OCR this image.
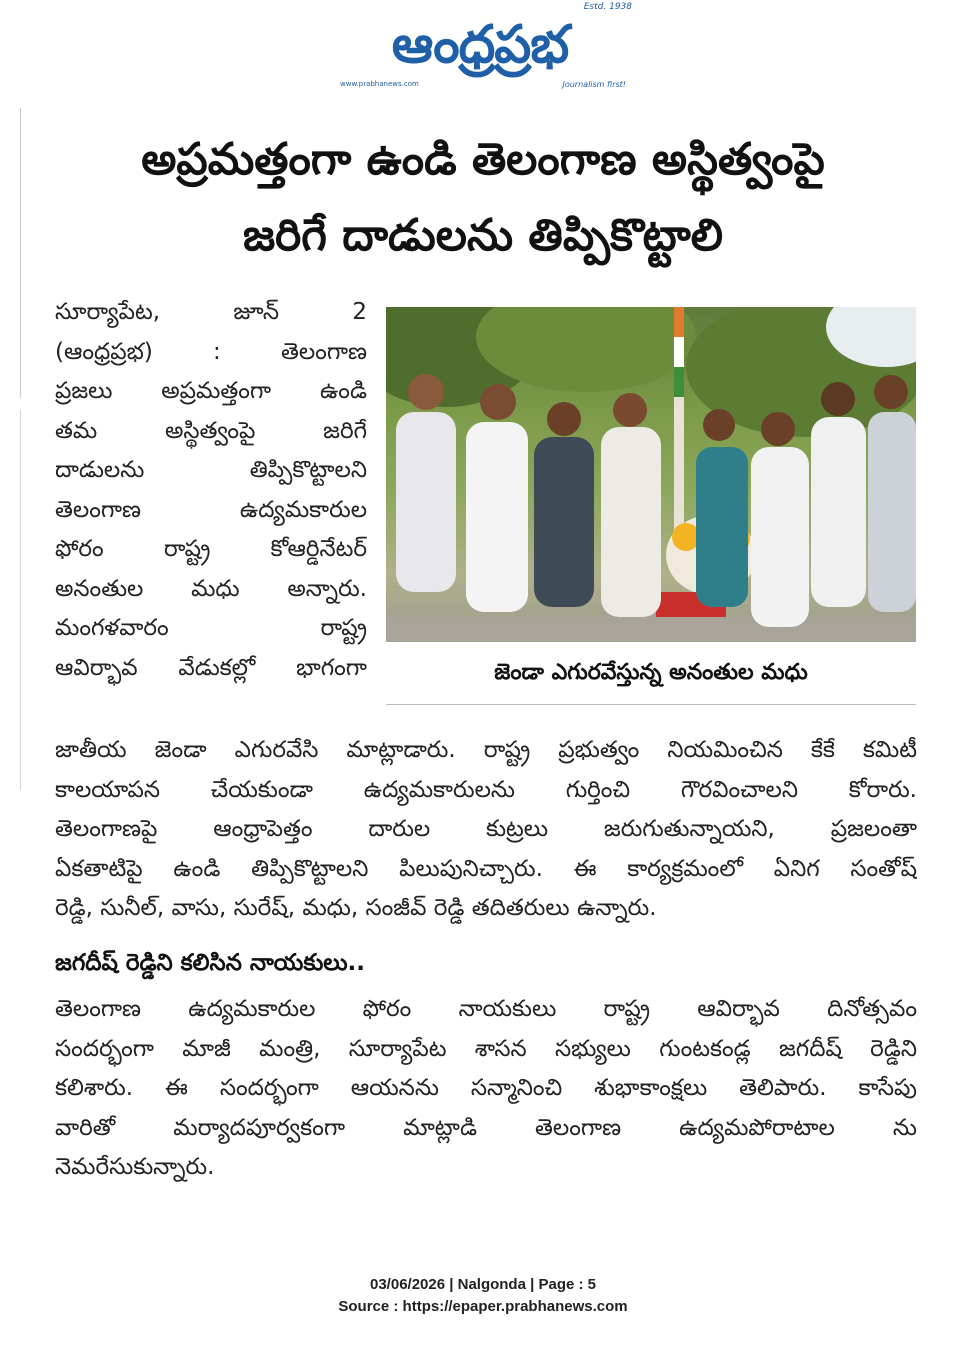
Estd. 1938
ఆంధ్రప్రభ
www.prabhanews.com	Journalism first!
అప్రమత్తంగా ఉండి తెలంగాణ అస్థిత్వంపై
జరిగే దాడులను తిప్పికొట్టాలి
సూర్యాపేట, జూన్ 2
(ఆంధ్రప్రభ) : తెలంగాణ
ప్రజలు అప్రమత్తంగా ఉండి
తమ అస్థిత్వంపై జరిగే
దాడులను తిప్పికొట్టాలని
తెలంగాణ ఉద్యమకారుల
ఫోరం రాష్ట్ర కోఆర్డినేటర్
అనంతుల మధు అన్నారు.
మంగళవారం రాష్ట్ర
ఆవిర్భావ వేడుకల్లో భాగంగా	జెండా ఎగురవేస్తున్న అనంతుల మధు
జాతీయ జెండా ఎగురవేసి మాట్లాడారు. రాష్ట్ర ప్రభుత్వం నియమించిన కేకే కమిటీ
కాలయాపన చేయకుండా ఉద్యమకారులను గుర్తించి గౌరవించాలని కోరారు.
తెలంగాణపై ఆంధ్రాపెత్తం దారుల కుట్రలు జరుగుతున్నాయని, ప్రజలంతా
ఏకతాటిపై ఉండి తిప్పికొట్టాలని పిలుపునిచ్చారు. ఈ కార్యక్రమంలో ఏనిగ సంతోష్
రెడ్డి, సునీల్, వాసు, సురేష్, మధు, సంజీవ్ రెడ్డి తదితరులు ఉన్నారు.
జగదీష్ రెడ్డిని కలిసిన నాయకులు..
తెలంగాణ ఉద్యమకారుల ఫోరం నాయకులు రాష్ట్ర ఆవిర్భావ దినోత్సవం
సందర్భంగా మాజీ మంత్రి, సూర్యాపేట శాసన సభ్యులు గుంటకండ్ల జగదీష్ రెడ్డిని
కలిశారు. ఈ సందర్భంగా ఆయనను సన్మానించి శుభాకాంక్షలు తెలిపారు. కాసేపు
వారితో మర్యాదపూర్వకంగా మాట్లాడి తెలంగాణ ఉద్యమపోరాటాల ను
నెమరేసుకున్నారు.
03/06/2026 | Nalgonda | Page : 5
Source : https://epaper.prabhanews.com
